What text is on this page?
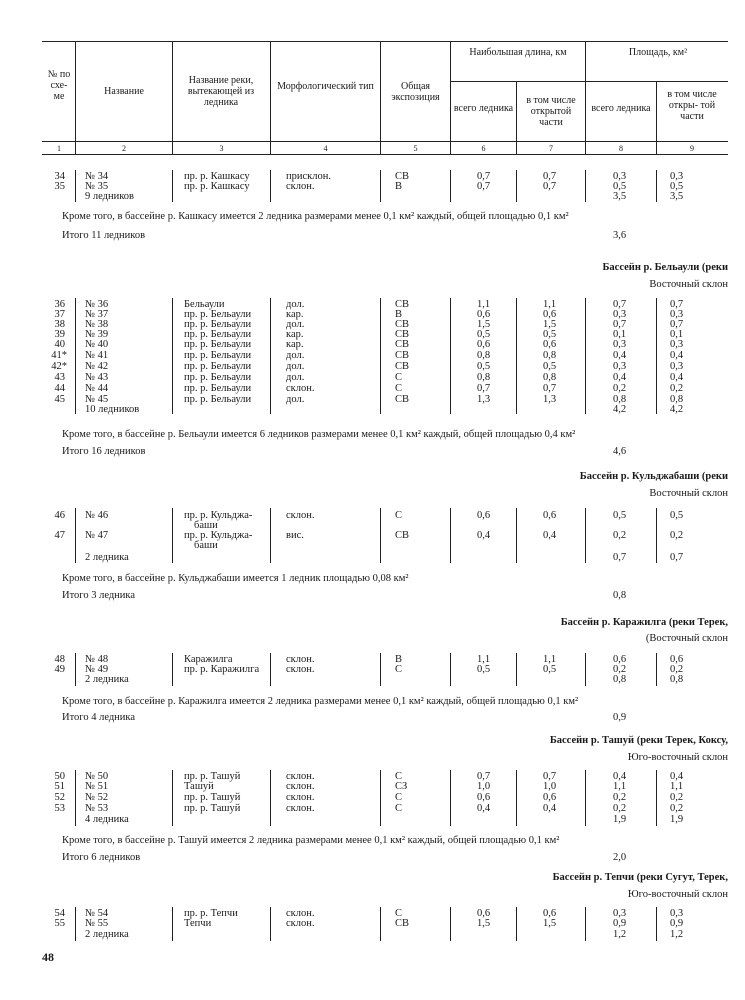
№ по схе- ме	Название
Название реки, вытекающей из ледника
Морфологический тип	Общая экспозиция
Наибольшая длина, км
всего ледника
в том числе открытой части
Площадь, км²
всего ледника
в том числе откры- той части
1	2	3	4	5	6	7	8	9
34 № 34	пр. р. Кашкасу	присклон.	СВ	0,7	0,7	0,3	0,3
35 № 35	пр. р. Кашкасу	склон.	В	0,7	0,7	0,5	0,5
9 ледников	3,5	3,5
Кроме того, в бассейне р. Кашкасу имеется 2 ледника размерами менее 0,1 км² каждый, общей площадью 0,1 км²
Итого 11 ледников	3,6
Бассейн р. Бельаули (реки
Восточный склон
36 № 36	Бельаули	дол.	СВ	1,1	1,1	0,7	0,7
37 № 37	пр. р. Бельаули	кар.	В	0,6	0,6	0,3	0,3
38 № 38	пр. р. Бельаули	дол.	СВ	1,5	1,5	0,7	0,7
39 № 39	пр. р. Бельаули	кар.	СВ	0,5	0,5	0,1	0,1
40 № 40	пр. р. Бельаули	кар.	СВ	0,6	0,6	0,3	0,3
41* № 41	пр. р. Бельаули	дол.	СВ	0,8	0,8	0,4	0,4
42* № 42	пр. р. Бельаули	дол.	СВ	0,5	0,5	0,3	0,3
43 № 43	пр. р. Бельаули	дол.	С	0,8	0,8	0,4	0,4
44 № 44	пр. р. Бельаули	склон.	С	0,7	0,7	0,2	0,2
45 № 45	пр. р. Бельаули	дол.	СВ	1,3	1,3	0,8	0,8
10 ледников	4,2	4,2
Кроме того, в бассейне р. Бельаули имеется 6 ледников размерами менее 0,1 км² каждый, общей площадью 0,4 км²
Итого 16 ледников	4,6
Бассейн р. Кульджабаши (реки
Восточный склон
46 № 46	пр. р. Кульджа-	склон.	С	0,6	0,6	0,5	0,5
баши
47 № 47	пр. р. Кульджа-	вис.	СВ	0,4	0,4	0,2	0,2
баши
2 ледника	0,7	0,7
Кроме того, в бассейне р. Кульджабаши имеется 1 ледник площадью 0,08 км²
Итого 3 ледника	0,8
Бассейн р. Каражилга (реки Терек,
(Восточный склон
48 № 48	Каражилга	склон.	В	1,1	1,1	0,6	0,6
49 № 49	пр. р. Каражилга	склон.	С	0,5	0,5	0,2	0,2
2 ледника	0,8	0,8
Кроме того, в бассейне р. Каражилга имеется 2 ледника размерами менее 0,1 км² каждый, общей площадью 0,1 км²
Итого 4 ледника	0,9
Бассейн р. Ташуй (реки Терек, Коксу,
Юго-восточный склон
50 № 50	пр. р. Ташуй	склон.	С	0,7	0,7	0,4	0,4
51 № 51	Ташуй	склон.	СЗ	1,0	1,0	1,1	1,1
52 № 52	пр. р. Ташуй	склон.	С	0,6	0,6	0,2	0,2
53 № 53	пр. р. Ташуй	склон.	С	0,4	0,4	0,2	0,2
4 ледника	1,9	1,9
Кроме того, в бассейне р. Ташуй имеется 2 ледника размерами менее 0,1 км² каждый, общей площадью 0,1 км²
Итого 6 ледников	2,0
Бассейн р. Тепчи (реки Сугут, Терек,
Юго-восточный склон
54 № 54	пр. р. Тепчи	склон.	С	0,6	0,6	0,3	0,3
55 № 55	Тепчи	склон.	СВ	1,5	1,5	0,9	0,9
2 ледника	1,2	1,2
48
